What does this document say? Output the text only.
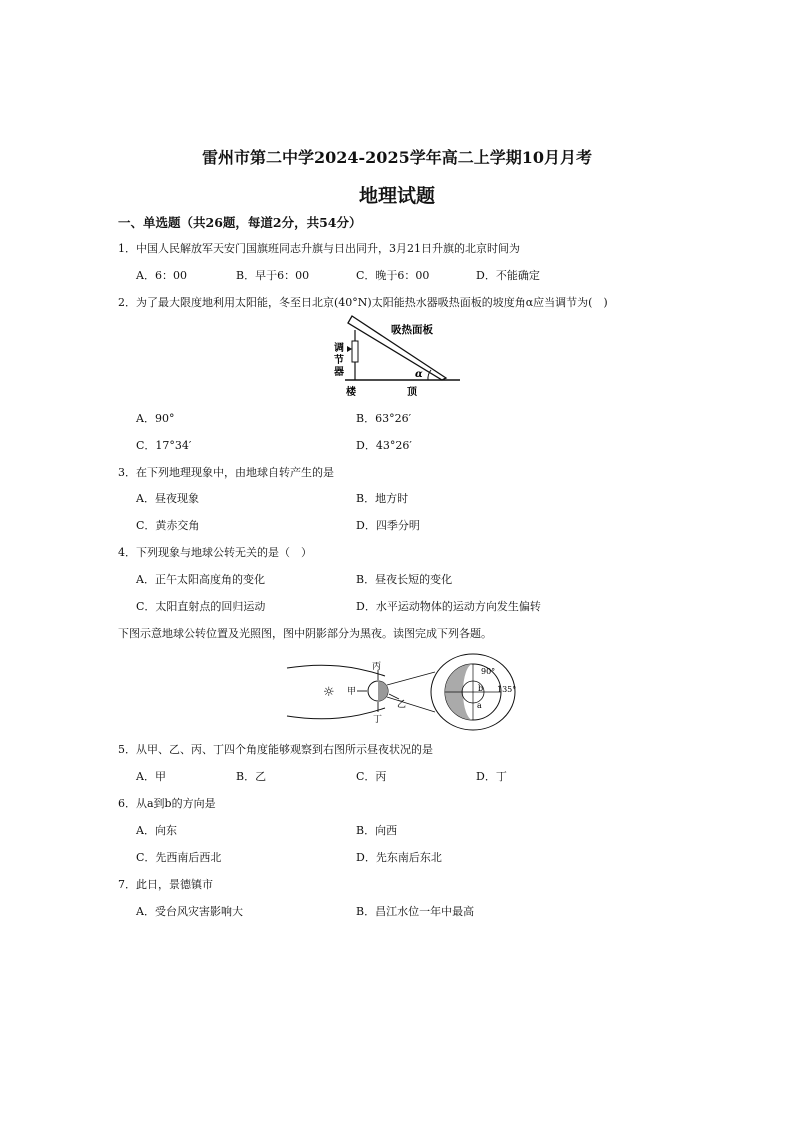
雷州市第二中学2024-2025学年高二上学期10月月考
地理试题
一、单选题（共26题，每道2分，共54分）
1．中国人民解放军天安门国旗班同志升旗与日出同升，3月21日升旗的北京时间为
A．6：00	B．早于6：00	C．晚于6：00	D．不能确定
2．为了最大限度地利用太阳能，冬至日北京(40°N)太阳能热水器吸热面板的坡度角α应当调节为(　)
吸热面板
调
节
器	α
楼	顶
A．90°	B．63°26′
C．17°34′	D．43°26′
3．在下列地理现象中，由地球自转产生的是
A．昼夜现象	B．地方时
C．黄赤交角	D．四季分明
4．下列现象与地球公转无关的是（　）
A．正午太阳高度角的变化	B．昼夜长短的变化
C．太阳直射点的回归运动	D．水平运动物体的运动方向发生偏转
下图示意地球公转位置及光照图，图中阴影部分为黑夜。读图完成下列各题。
☼
丙
甲
乙
丁
90°
135°
b
a
5．从甲、乙、丙、丁四个角度能够观察到右图所示昼夜状况的是
A．甲	B．乙	C．丙	D．丁
6．从a到b的方向是
A．向东	B．向西
C．先西南后西北	D．先东南后东北
7．此日，景德镇市
A．受台风灾害影响大	B．昌江水位一年中最高
